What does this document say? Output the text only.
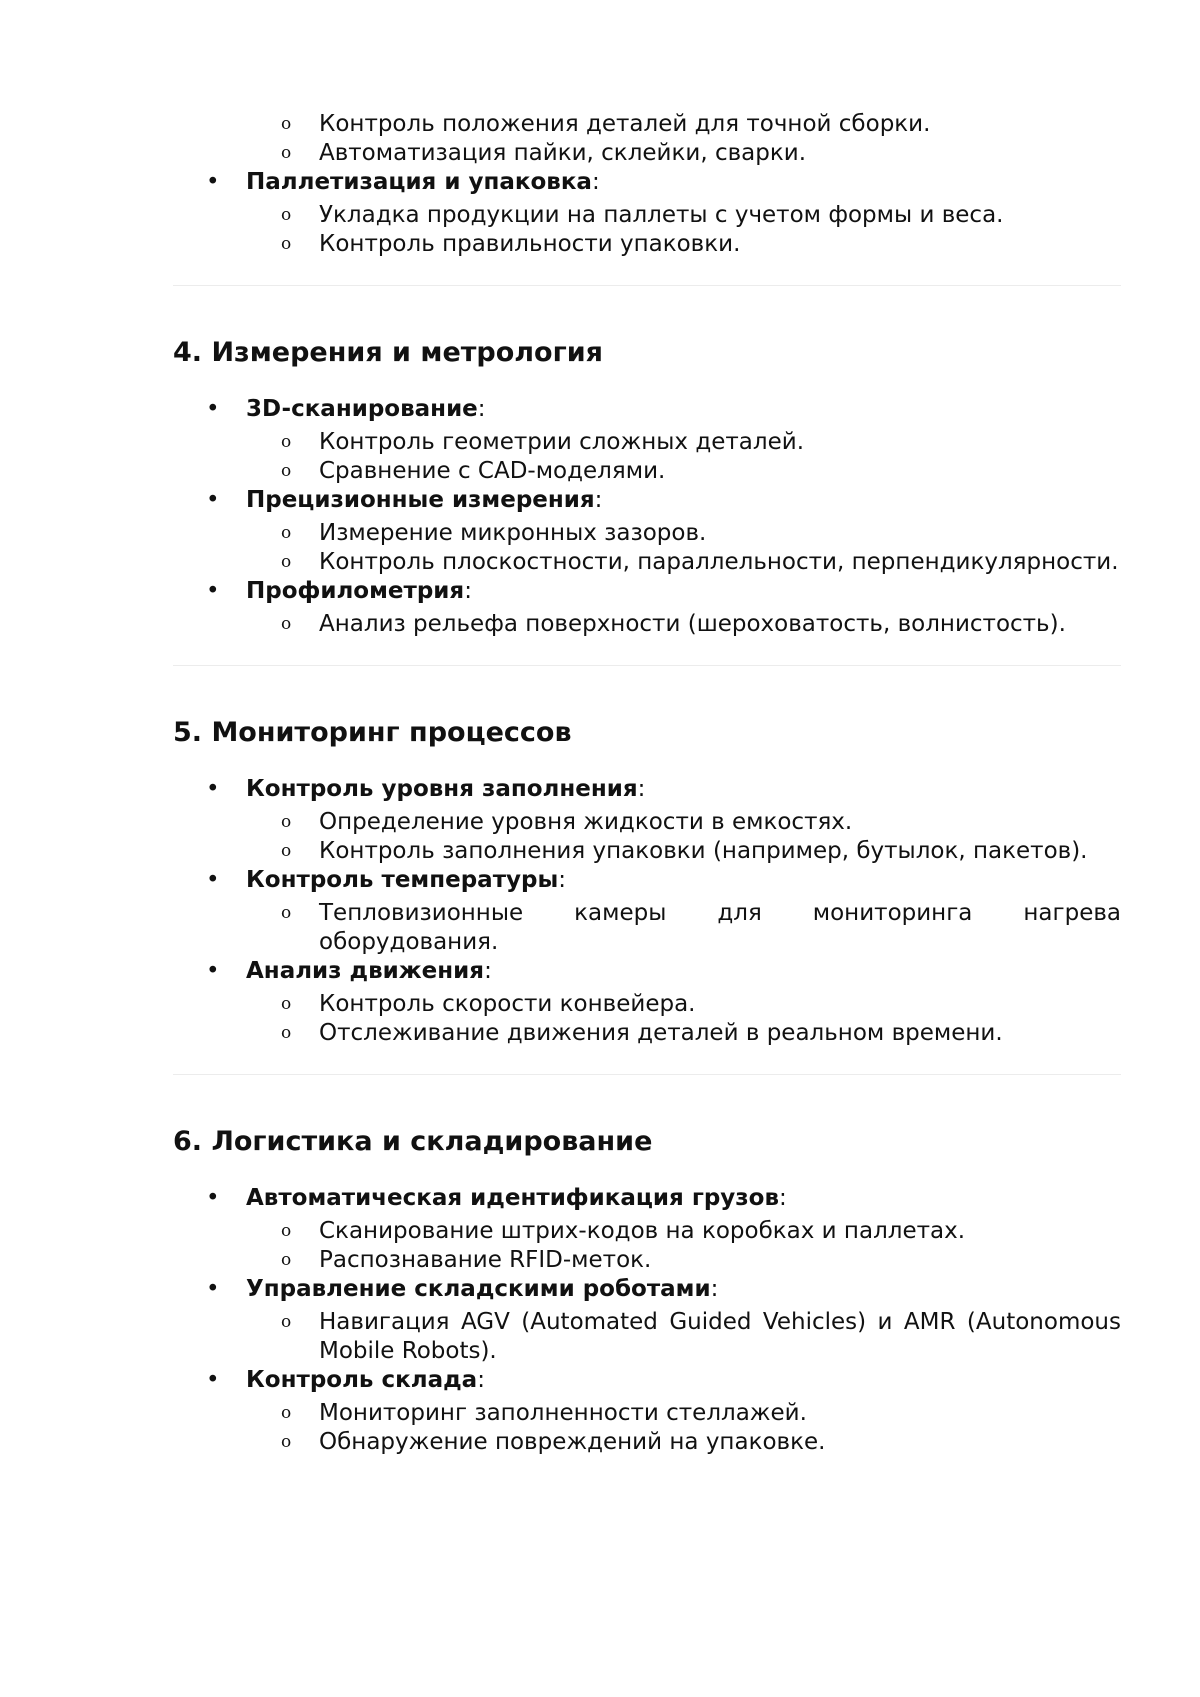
o	Контроль положения деталей для точной сборки.
o	Автоматизация пайки, склейки, сварки.
•	Паллетизация и упаковка:
o	Укладка продукции на паллеты с учетом формы и веса.
o	Контроль правильности упаковки.
4. Измерения и метрология
•	3D-сканирование:
o	Контроль геометрии сложных деталей.
o	Сравнение с CAD-моделями.
•	Прецизионные измерения:
o	Измерение микронных зазоров.
o	Контроль плоскостности, параллельности, перпендикулярности.
•	Профилометрия:
o	Анализ рельефа поверхности (шероховатость, волнистость).
5. Мониторинг процессов
•	Контроль уровня заполнения:
o	Определение уровня жидкости в емкостях.
o	Контроль заполнения упаковки (например, бутылок, пакетов).
•	Контроль температуры:
o	Тепловизионные камеры для мониторинга нагрева оборудования.
•	Анализ движения:
o	Контроль скорости конвейера.
o	Отслеживание движения деталей в реальном времени.
6. Логистика и складирование
•	Автоматическая идентификация грузов:
o	Сканирование штрих-кодов на коробках и паллетах.
o	Распознавание RFID-меток.
•	Управление складскими роботами:
o	Навигация AGV (Automated Guided Vehicles) и AMR (Autonomous Mobile Robots).
•	Контроль склада:
o	Мониторинг заполненности стеллажей.
o	Обнаружение повреждений на упаковке.
